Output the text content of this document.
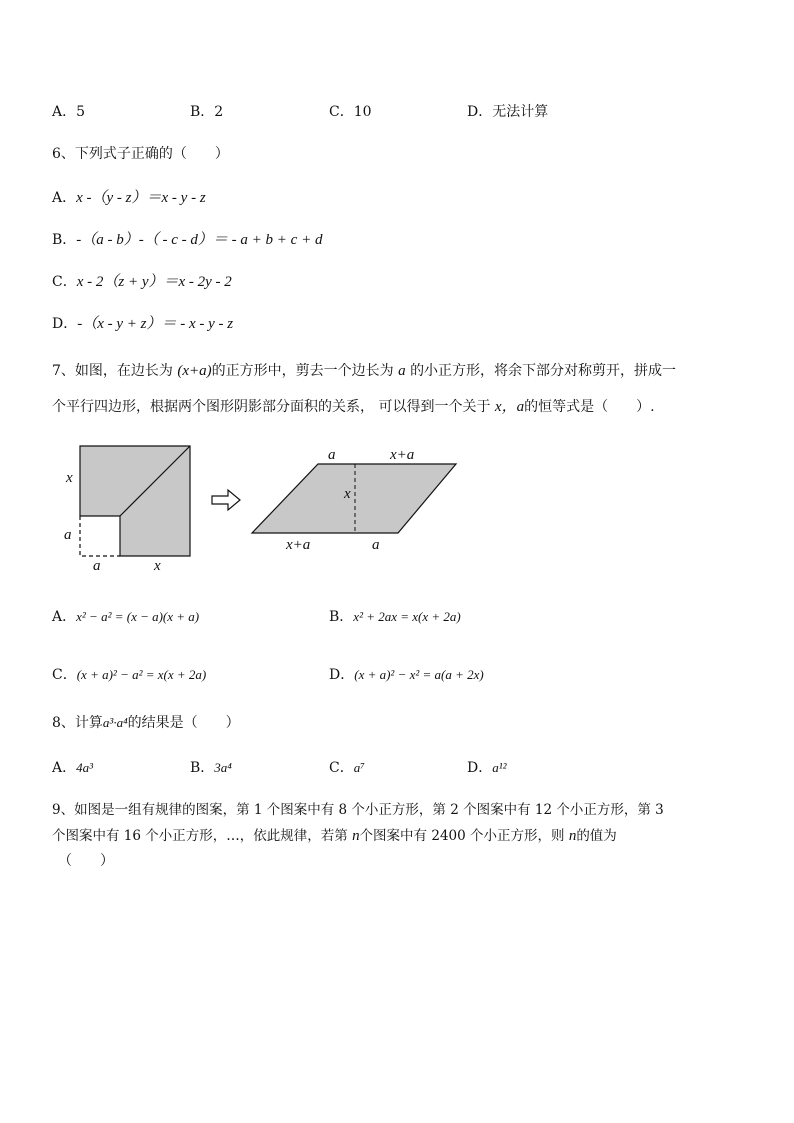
A．5	B．2	C．10	D．无法计算
6、下列式子正确的（　　）
A．x -（y - z）＝x - y - z
B．-（a - b）-（ - c - d）＝ - a + b + c + d
C．x - 2（z + y）＝x - 2y - 2
D．-（x - y + z）＝ - x - y - z
7、如图，在边长为 (x+a)的正方形中，剪去一个边长为 a 的小正方形，将余下部分对称剪开，拼成一
个平行四边形，根据两个图形阴影部分面积的关系， 可以得到一个关于 x，a的恒等式是（　　）.
x
a
a	x
a	x+a
x
x+a	a
A．x² − a² = (x − a)(x + a)	B．x² + 2ax = x(x + 2a)
C．(x + a)² − a² = x(x + 2a)	D．(x + a)² − x² = a(a + 2x)
8、计算a³·a⁴的结果是（　　）
A．4a³	B．3a⁴	C．a⁷	D．a¹²
9、如图是一组有规律的图案，第 1 个图案中有 8 个小正方形，第 2 个图案中有 12 个小正方形，第 3
个图案中有 16 个小正方形，…，依此规律，若第 n个图案中有 2400 个小正方形，则 n的值为
（　　）
